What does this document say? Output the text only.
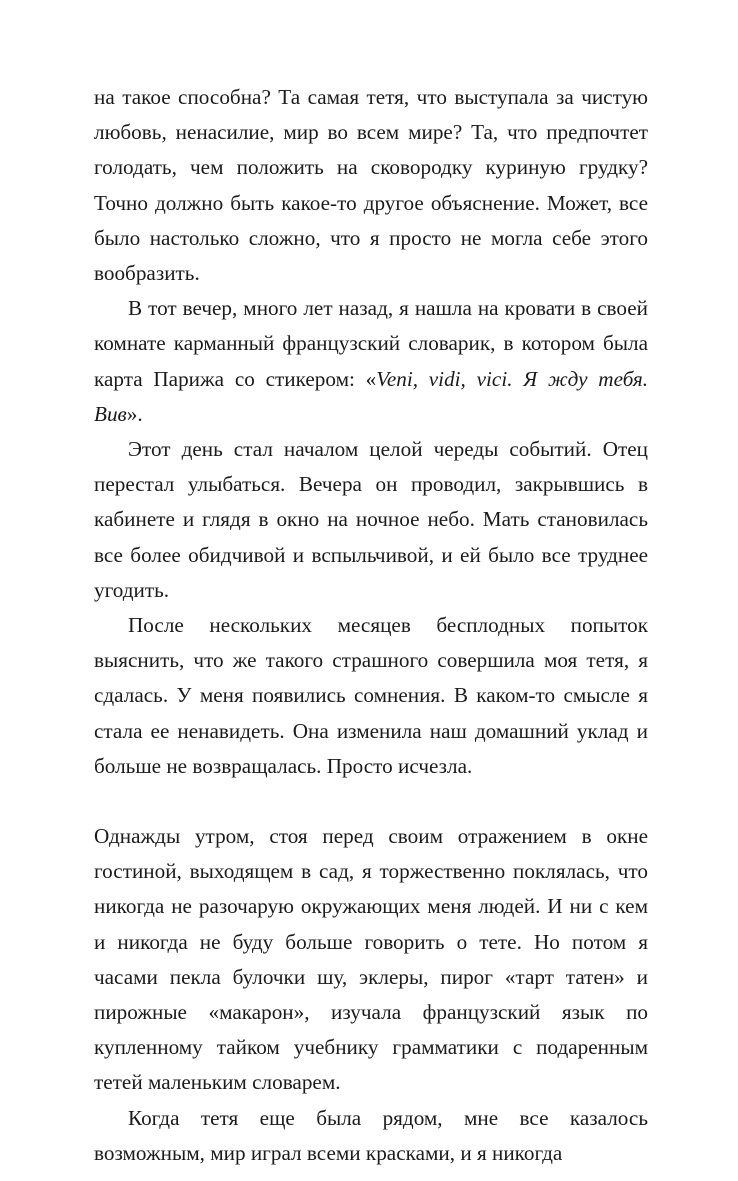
на такое способна? Та самая тетя, что выступала за чистую любовь, ненасилие, мир во всем мире? Та, что предпочтет голодать, чем положить на сковородку куриную грудку? Точно должно быть какое-то другое объяснение. Может, все было настолько сложно, что я просто не могла себе этого вообразить.

В тот вечер, много лет назад, я нашла на кровати в своей комнате карманный французский словарик, в котором была карта Парижа со стикером: «Veni, vidi, vici. Я жду тебя. Вив».

Этот день стал началом целой череды событий. Отец перестал улыбаться. Вечера он проводил, закрывшись в кабинете и глядя в окно на ночное небо. Мать становилась все более обидчивой и вспыльчивой, и ей было все труднее угодить.

После нескольких месяцев бесплодных попыток выяснить, что же такого страшного совершила моя тетя, я сдалась. У меня появились сомнения. В каком-то смысле я стала ее ненавидеть. Она изменила наш домашний уклад и больше не возвращалась. Просто исчезла.

Однажды утром, стоя перед своим отражением в окне гостиной, выходящем в сад, я торжественно поклялась, что никогда не разочарую окружающих меня людей. И ни с кем и никогда не буду больше говорить о тете. Но потом я часами пекла булочки шу, эклеры, пирог «тарт татен» и пирожные «макарон», изучала французский язык по купленному тайком учебнику грамматики с подаренным тетей маленьким словарем.

Когда тетя еще была рядом, мне все казалось возможным, мир играл всеми красками, и я никогда
